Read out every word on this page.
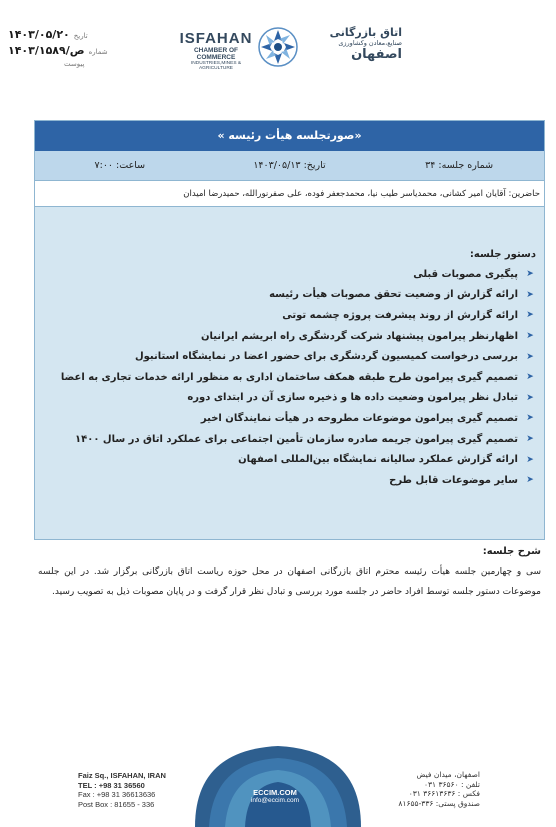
۱۴۰۳/۰۵/۲۰ تاریخ
۱۴۰۳/ص/۱۵۸۹ شماره
پیوست
ISFAHAN
CHAMBER OF COMMERCE
INDUSTRIES,MINES & AGRICULTURE
اتاق بازرگانی
صنایع،معادن وکشاورزی
اصفهان
«صورتجلسه هیأت رئیسه »
شماره جلسه: ۳۴
تاریخ: ۱۴۰۳/۰۵/۱۳
ساعت: ۷:۰۰
حاضرین: آقایان امیر کشانی، محمدیاسر طیب نیا، محمدجعفر فوده، علی صفرنورالله، حمیدرضا امیدان
دستور جلسه:
➤
پیگیری مصوبات قبلی
➤
ارائه گزارش از وضعیت تحقق مصوبات هیأت رئیسه
➤
ارائه گزارش از روند پیشرفت پروژه چشمه توتی
➤
اظهارنظر پیرامون پیشنهاد شرکت گردشگری راه ابریشم ایرانیان
➤
بررسی درخواست کمیسیون گردشگری برای حضور اعضا در نمایشگاه استانبول
➤
تصمیم گیری پیرامون طرح طبقه همکف ساختمان اداری به منظور ارائه خدمات تجاری به اعضا
➤
تبادل نظر پیرامون وضعیت داده ها و ذخیره سازی آن در ابتدای دوره
➤
تصمیم گیری پیرامون موضوعات مطروحه در هیأت نمایندگان اخیر
➤
تصمیم گیری پیرامون جریمه صادره سازمان تأمین اجتماعی برای عملکرد اتاق در سال ۱۴۰۰
➤
ارائه گزارش عملکرد سالیانه نمایشگاه بین‌المللی اصفهان
➤
سایر موضوعات قابل طرح
شرح جلسه:
سی و چهارمین جلسه هیأت رئیسه محترم اتاق بازرگانی اصفهان در محل حوزه ریاست اتاق بازرگانی برگزار شد. در این جلسه موضوعات دستور جلسه توسط افراد حاضر در جلسه مورد بررسی و تبادل نظر قرار گرفت و در پایان مصوبات ذیل به تصویب رسید.
Faiz Sq., ISFAHAN, IRAN
TEL : +98 31 36560
Fax : +98 31 36613636
Post Box : 81655 - 336
ECCIM.COM
info@eccim.com
اصفهان، میدان فیض
تلفن : ۳۶۵۶۰ ۰۳۱
فکس : ۳۶۶۱۳۶۳۶ ۰۳۱
صندوق پستی: ۳۳۶-۸۱۶۵۵
